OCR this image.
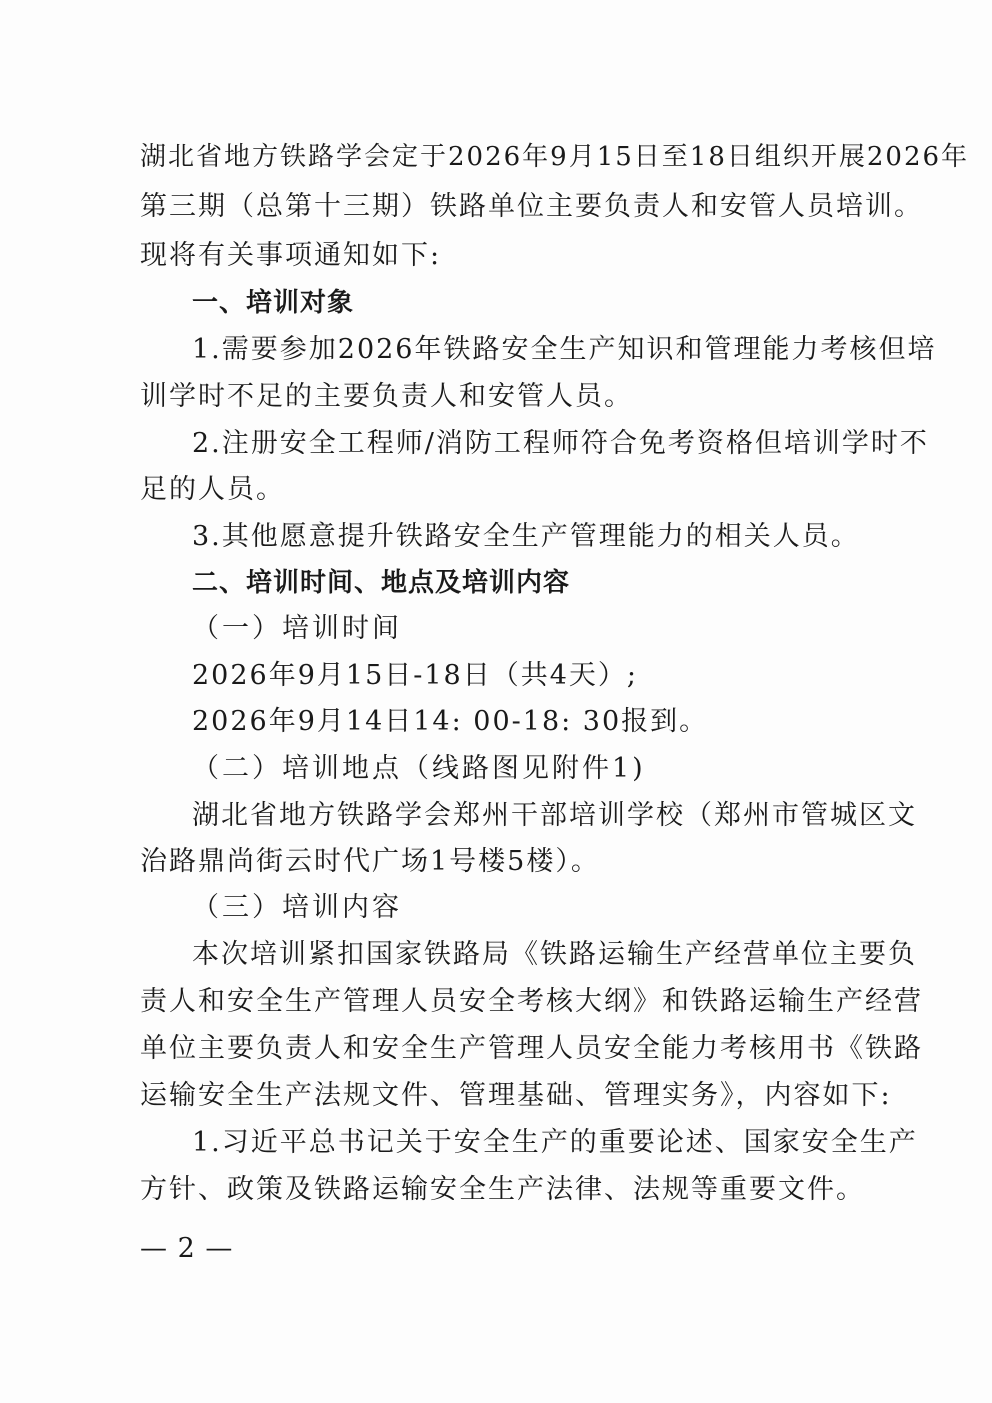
湖北省地方铁路学会定于2026年9月15日至18日组织开展2026年
第三期（总第十三期）铁路单位主要负责人和安管人员培训。
现将有关事项通知如下:
一、培训对象
1.需要参加2026年铁路安全生产知识和管理能力考核但培
训学时不足的主要负责人和安管人员。
2.注册安全工程师/消防工程师符合免考资格但培训学时不
足的人员。
3.其他愿意提升铁路安全生产管理能力的相关人员。
二、培训时间、地点及培训内容
（一）培训时间
2026年9月15日-18日（共4天）;
2026年9月14日14: 00-18: 30报到。
（二）培训地点（线路图见附件1)
湖北省地方铁路学会郑州干部培训学校（郑州市管城区文
治路鼎尚街云时代广场1号楼5楼）。
（三）培训内容
本次培训紧扣国家铁路局《铁路运输生产经营单位主要负
责人和安全生产管理人员安全考核大纲》和铁路运输生产经营
单位主要负责人和安全生产管理人员安全能力考核用书《铁路
运输安全生产法规文件、管理基础、管理实务》，内容如下:
1.习近平总书记关于安全生产的重要论述、国家安全生产
方针、政策及铁路运输安全生产法律、法规等重要文件。
— 2 —
